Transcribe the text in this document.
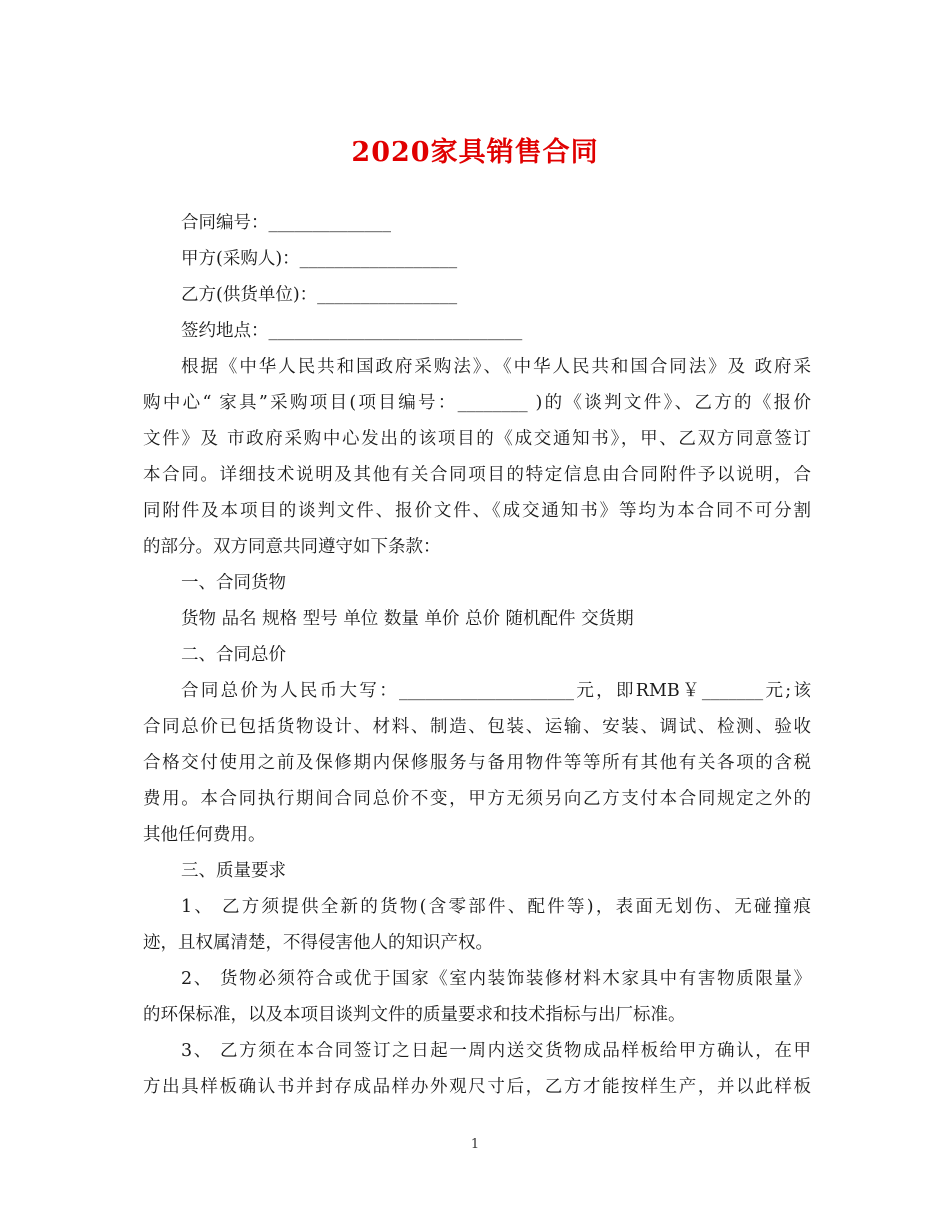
2020家具销售合同
合同编号：______________
甲方(采购人)：__________________
乙方(供货单位)：________________
签约地点：_____________________________
根据《中华人民共和国政府采购法》、《中华人民共和国合同法》及 政府采
购中心“ 家具”采购项目(项目编号：________ )的《谈判文件》、乙方的《报价
文件》及 市政府采购中心发出的该项目的《成交通知书》，甲、乙双方同意签订
本合同。详细技术说明及其他有关合同项目的特定信息由合同附件予以说明，合
同附件及本项目的谈判文件、报价文件、《成交通知书》等均为本合同不可分割
的部分。双方同意共同遵守如下条款：
一、合同货物
货物 品名 规格 型号 单位 数量 单价 总价 随机配件 交货期
二、合同总价
合同总价为人民币大写：____________________元，即RMB￥_______元;该
合同总价已包括货物设计、材料、制造、包装、运输、安装、调试、检测、验收
合格交付使用之前及保修期内保修服务与备用物件等等所有其他有关各项的含税
费用。本合同执行期间合同总价不变，甲方无须另向乙方支付本合同规定之外的
其他任何费用。
三、质量要求
1、 乙方须提供全新的货物(含零部件、配件等)，表面无划伤、无碰撞痕
迹，且权属清楚，不得侵害他人的知识产权。
2、 货物必须符合或优于国家《室内装饰装修材料木家具中有害物质限量》
的环保标准，以及本项目谈判文件的质量要求和技术指标与出厂标准。
3、 乙方须在本合同签订之日起一周内送交货物成品样板给甲方确认，在甲
方出具样板确认书并封存成品样办外观尺寸后，乙方才能按样生产，并以此样板
1
